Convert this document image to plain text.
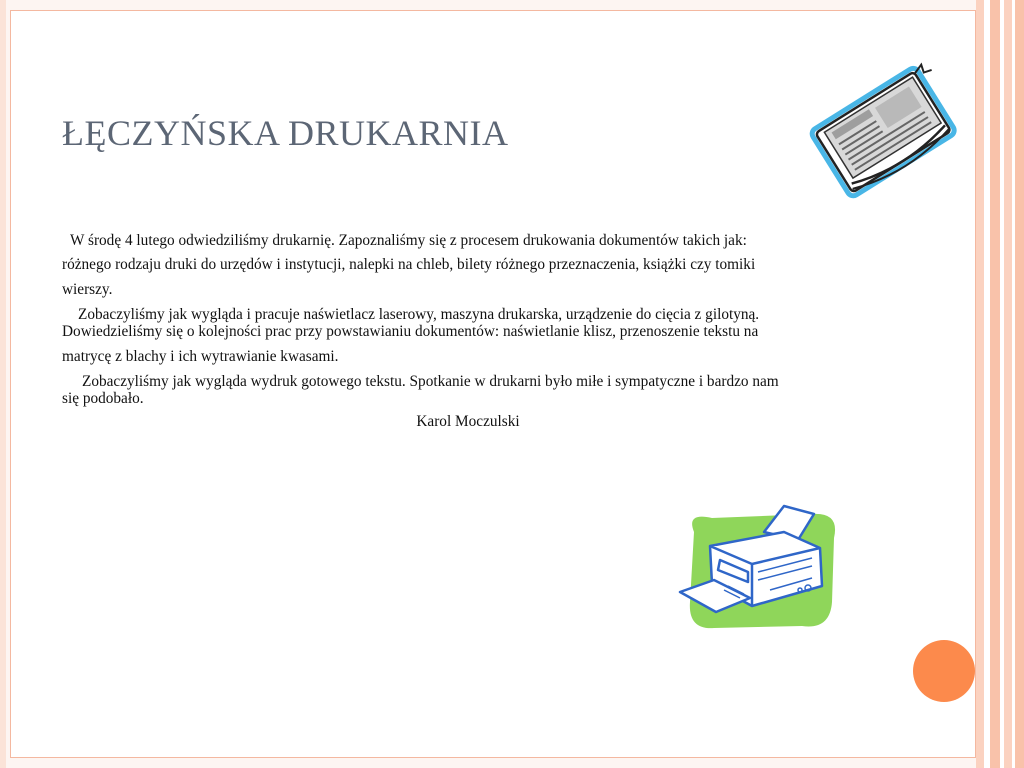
ŁĘCZYŃSKA DRUKARNIA

W środę 4 lutego odwiedziliśmy drukarnię. Zapoznaliśmy się z procesem drukowania dokumentów takich jak:

różnego rodzaju druki do urzędów i instytucji, nalepki na chleb, bilety różnego przeznaczenia, książki czy tomiki
wierszy.

Zobaczyliśmy jak wygląda i pracuje naświetlacz laserowy, maszyna drukarska, urządzenie do cięcia z gilotyną.
Dowiedzieliśmy się o kolejności prac przy powstawianiu dokumentów: naświetlanie klisz, przenoszenie tekstu na

matrycę z blachy i ich wytrawianie kwasami.

Zobaczyliśmy jak wygląda wydruk gotowego tekstu. Spotkanie w drukarni było miłe i sympatyczne i bardzo nam
się podobało.

Karol Moczulski
